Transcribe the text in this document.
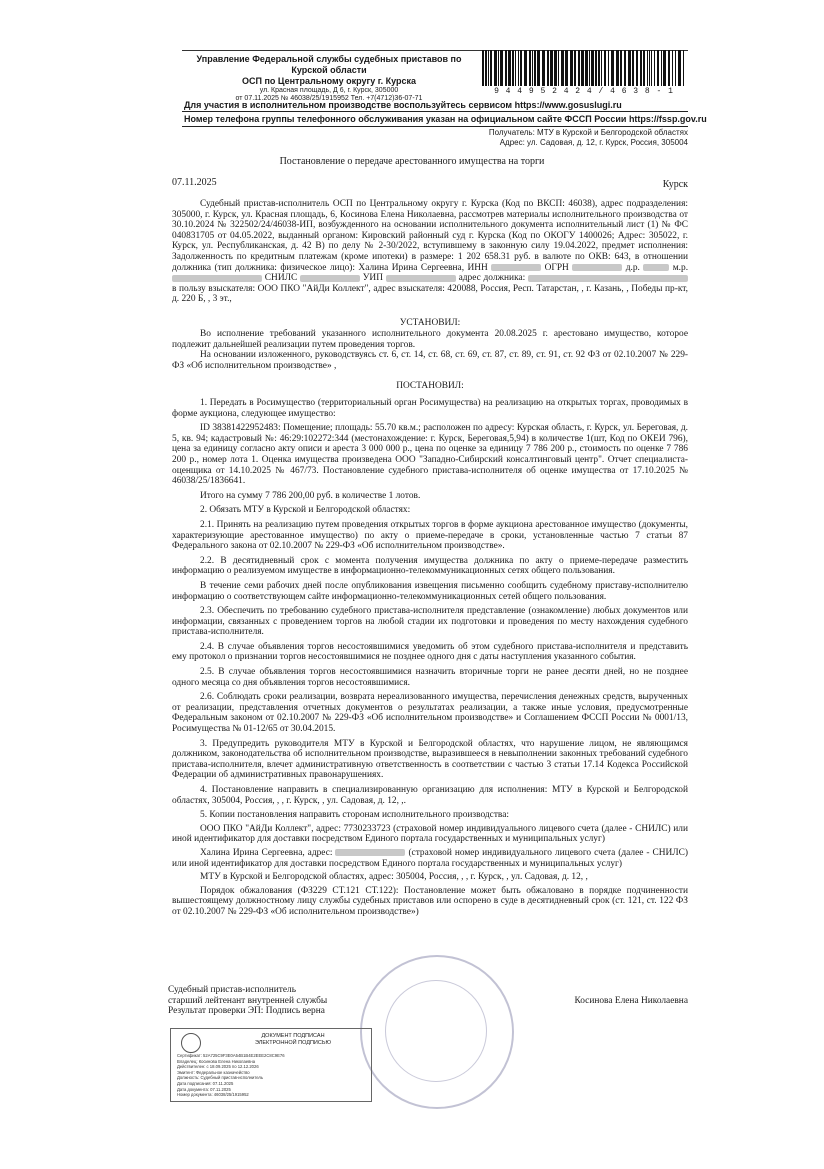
Управление Федеральной службы судебных приставов по Курской области
ОСП по Центральному округу г. Курска
ул. Красная площадь, Д 6, г. Курск, 305000
от 07.11.2025 № 46038/25/1915952 Тел. +7(4712)36-07-71
9 4 4 9 5 2 4 2 4 / 4 6 3 8 - 1
Для участия в исполнительном производстве воспользуйтесь сервисом https://www.gosuslugi.ru
Номер телефона группы телефонного обслуживания указан на официальном сайте ФССП России https://fssp.gov.ru
Получатель: МТУ в Курской и Белгородской областях
Адрес: ул. Садовая, д. 12, г. Курск, Россия, 305004
Постановление о передаче арестованного имущества на торги
07.11.2025	Курск

Судебный пристав-исполнитель ОСП по Центральному округу г. Курска (Код по ВКСП: 46038), адрес подразделения: 305000, г. Курск, ул. Красная площадь, 6, Косинова Елена Николаевна, рассмотрев материалы исполнительного производства от 30.10.2024 № 322502/24/46038-ИП, возбужденного на основании исполнительного документа исполнительный лист (1) № ФС 040831705 от 04.05.2022, выданный органом: Кировский районный суд г. Курска (Код по ОКОГУ 1400026; Адрес: 305022, г. Курск, ул. Республиканская, д. 42 В) по делу № 2-30/2022, вступившему в законную силу 19.04.2022, предмет исполнения: Задолженность по кредитным платежам (кроме ипотеки) в размере: 1 202 658.31 руб. в валюте по ОКВ: 643, в отношении должника (тип должника: физическое лицо): Халина Ирина Сергеевна, ИНН	ОГРН	д.р.	м.р.  СНИЛС	УИП	адрес должника:  в пользу взыскателя: ООО ПКО "АйДи Коллект", адрес взыскателя: 420088, Россия, Респ. Татарстан, , г. Казань, , Победы пр-кт, д. 220 Б, , 3 эт.,

УСТАНОВИЛ:

Во исполнение требований указанного исполнительного документа 20.08.2025 г. арестовано имущество, которое подлежит дальнейшей реализации путем проведения торгов.

На основании изложенного, руководствуясь ст. 6, ст. 14, ст. 68, ст. 69, ст. 87, ст. 89, ст. 91, ст. 92 ФЗ от 02.10.2007 № 229-ФЗ «Об исполнительном производстве» ,

ПОСТАНОВИЛ:

1. Передать в Росимущество (территориальный орган Росимущества) на реализацию на открытых торгах, проводимых в форме аукциона, следующее имущество:

ID 38381422952483: Помещение; площадь: 55.70 кв.м.; расположен по адресу: Курская область, г. Курск, ул. Береговая, д. 5, кв. 94; кадастровый №: 46:29:102272:344 (местонахождение: г. Курск, Береговая,5,94) в количестве 1(шт, Код по ОКЕИ 796), цена за единицу согласно акту описи и ареста 3 000 000 р., цена по оценке за единицу 7 786 200 р., стоимость по оценке 7 786 200 р., номер лота 1. Оценка имущества произведена ООО "Западно-Сибирский консалтинговый центр". Отчет специалиста-оценщика от 14.10.2025 № 467/73. Постановление судебного пристава-исполнителя об оценке имущества от 17.10.2025 № 46038/25/1836641.

Итого на сумму 7 786 200,00 руб. в количестве 1 лотов.

2. Обязать МТУ в Курской и Белгородской областях:

2.1. Принять на реализацию путем проведения открытых торгов в форме аукциона арестованное имущество (документы, характеризующие арестованное имущество) по акту о приеме-передаче в сроки, установленные частью 7 статьи 87 Федерального закона от 02.10.2007 № 229-ФЗ «Об исполнительном производстве».

2.2. В десятидневный срок с момента получения имущества должника по акту о приеме-передаче разместить информацию о реализуемом имуществе в информационно-телекоммуникационных сетях общего пользования.

В течение семи рабочих дней после опубликования извещения письменно сообщить судебному приставу-исполнителю информацию о соответствующем сайте информационно-телекоммуникационных сетей общего пользования.

2.3. Обеспечить по требованию судебного пристава-исполнителя представление (ознакомление) любых документов или информации, связанных с проведением торгов на любой стадии их подготовки и проведения по месту нахождения судебного пристава-исполнителя.

2.4. В случае объявления торгов несостоявшимися уведомить об этом судебного пристава-исполнителя и представить ему протокол о признании торгов несостоявшимися не позднее одного дня с даты наступления указанного события.

2.5. В случае объявления торгов несостоявшимися назначить вторичные торги не ранее десяти дней, но не позднее одного месяца со дня объявления торгов несостоявшимися.

2.6. Соблюдать сроки реализации, возврата нереализованного имущества, перечисления денежных средств, вырученных от реализации, представления отчетных документов о результатах реализации, а также иные условия, предусмотренные Федеральным законом от 02.10.2007 № 229-ФЗ «Об исполнительном производстве» и Соглашением ФССП России № 0001/13, Росимущества № 01-12/65 от 30.04.2015.

3. Предупредить руководителя МТУ в Курской и Белгородской областях, что нарушение лицом, не являющимся должником, законодательства об исполнительном производстве, выразившееся в невыполнении законных требований судебного пристава-исполнителя, влечет административную ответственность в соответствии с частью 3 статьи 17.14 Кодекса Российской Федерации об административных правонарушениях.

4. Постановление направить в специализированную организацию для исполнения: МТУ в Курской и Белгородской областях, 305004, Россия, , , г. Курск, , ул. Садовая, д. 12, ,.

5. Копии постановления направить сторонам исполнительного производства:

ООО ПКО "АйДи Коллект", адрес: 7730233723 (страховой номер индивидуального лицевого счета (далее - СНИЛС) или иной идентификатор для доставки посредством Единого портала государственных и муниципальных услуг)

Халина Ирина Сергеевна, адрес:	(страховой номер индивидуального лицевого счета (далее - СНИЛС) или иной идентификатор для доставки посредством Единого портала государственных и муниципальных услуг)

МТУ в Курской и Белгородской областях, адрес: 305004, Россия, , , г. Курск, , ул. Садовая, д. 12, ,

Порядок обжалования (ФЗ229 СТ.121 СТ.122): Постановление может быть обжаловано в порядке подчиненности вышестоящему должностному лицу службы судебных приставов или оспорено в суде в десятидневный срок (ст. 121, ст. 122 ФЗ от 02.10.2007 № 229-ФЗ «Об исполнительном производстве»)

Судебный пристав-исполнитель
старший лейтенант внутренней службы
Результат проверки ЭП: Подпись верна
Косинова Елена Николаевна
ДОКУМЕНТ ПОДПИСАН
ЭЛЕКТРОННОЙ ПОДПИСЬЮ
Сертификат: 52A725C9F3E0A54B1B4E2EEE2C8C9E76
Владелец: Косинова Елена Николаевна
Действителен: с 18.09.2025 по 12.12.2026
Эмитент: Федеральное казначейство
Должность: Судебный пристав-исполнитель
Дата подписания: 07.11.2025
Дата документа: 07.11.2025
Номер документа: 46038/25/1915952
